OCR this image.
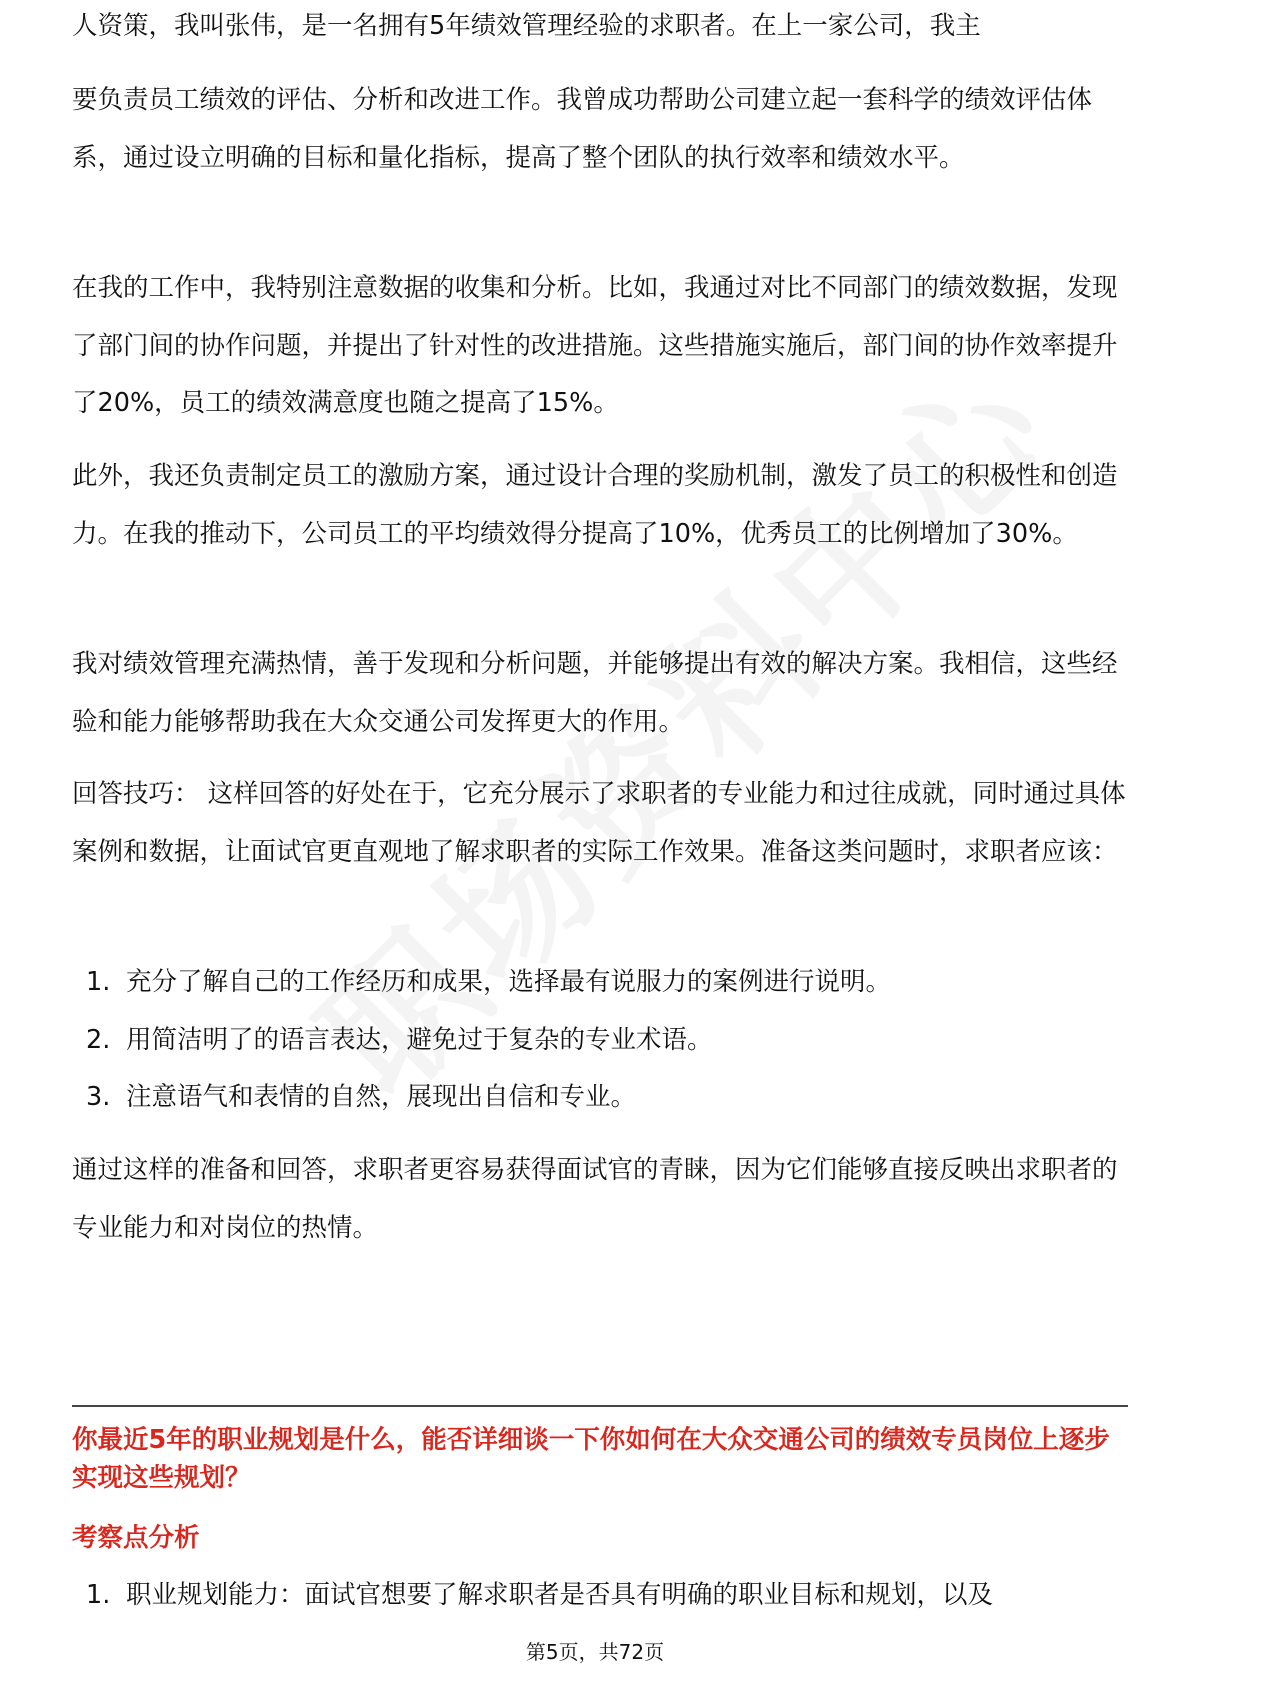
人资策，我叫张伟，是一名拥有5年绩效管理经验的求职者。在上一家公司，我主

要负责员工绩效的评估、分析和改进工作。我曾成功帮助公司建立起一套科学的绩效评估体系，通过设立明确的目标和量化指标，提高了整个团队的执行效率和绩效水平。

在我的工作中，我特别注意数据的收集和分析。比如，我通过对比不同部门的绩效数据，发现了部门间的协作问题，并提出了针对性的改进措施。这些措施实施后，部门间的协作效率提升了20%，员工的绩效满意度也随之提高了15%。

此外，我还负责制定员工的激励方案，通过设计合理的奖励机制，激发了员工的积极性和创造力。在我的推动下，公司员工的平均绩效得分提高了10%，优秀员工的比例增加了30%。

我对绩效管理充满热情，善于发现和分析问题，并能够提出有效的解决方案。我相信，这些经验和能力能够帮助我在大众交通公司发挥更大的作用。

回答技巧： 这样回答的好处在于，它充分展示了求职者的专业能力和过往成就，同时通过具体案例和数据，让面试官更直观地了解求职者的实际工作效果。准备这类问题时，求职者应该：

1. 充分了解自己的工作经历和成果，选择最有说服力的案例进行说明。
2. 用简洁明了的语言表达，避免过于复杂的专业术语。
3. 注意语气和表情的自然，展现出自信和专业。

通过这样的准备和回答，求职者更容易获得面试官的青睐，因为它们能够直接反映出求职者的专业能力和对岗位的热情。

你最近5年的职业规划是什么，能否详细谈一下你如何在大众交通公司的绩效专员岗位上逐步实现这些规划？
考察点分析
1. 职业规划能力：面试官想要了解求职者是否具有明确的职业目标和规划，以及
第5页，共72页
